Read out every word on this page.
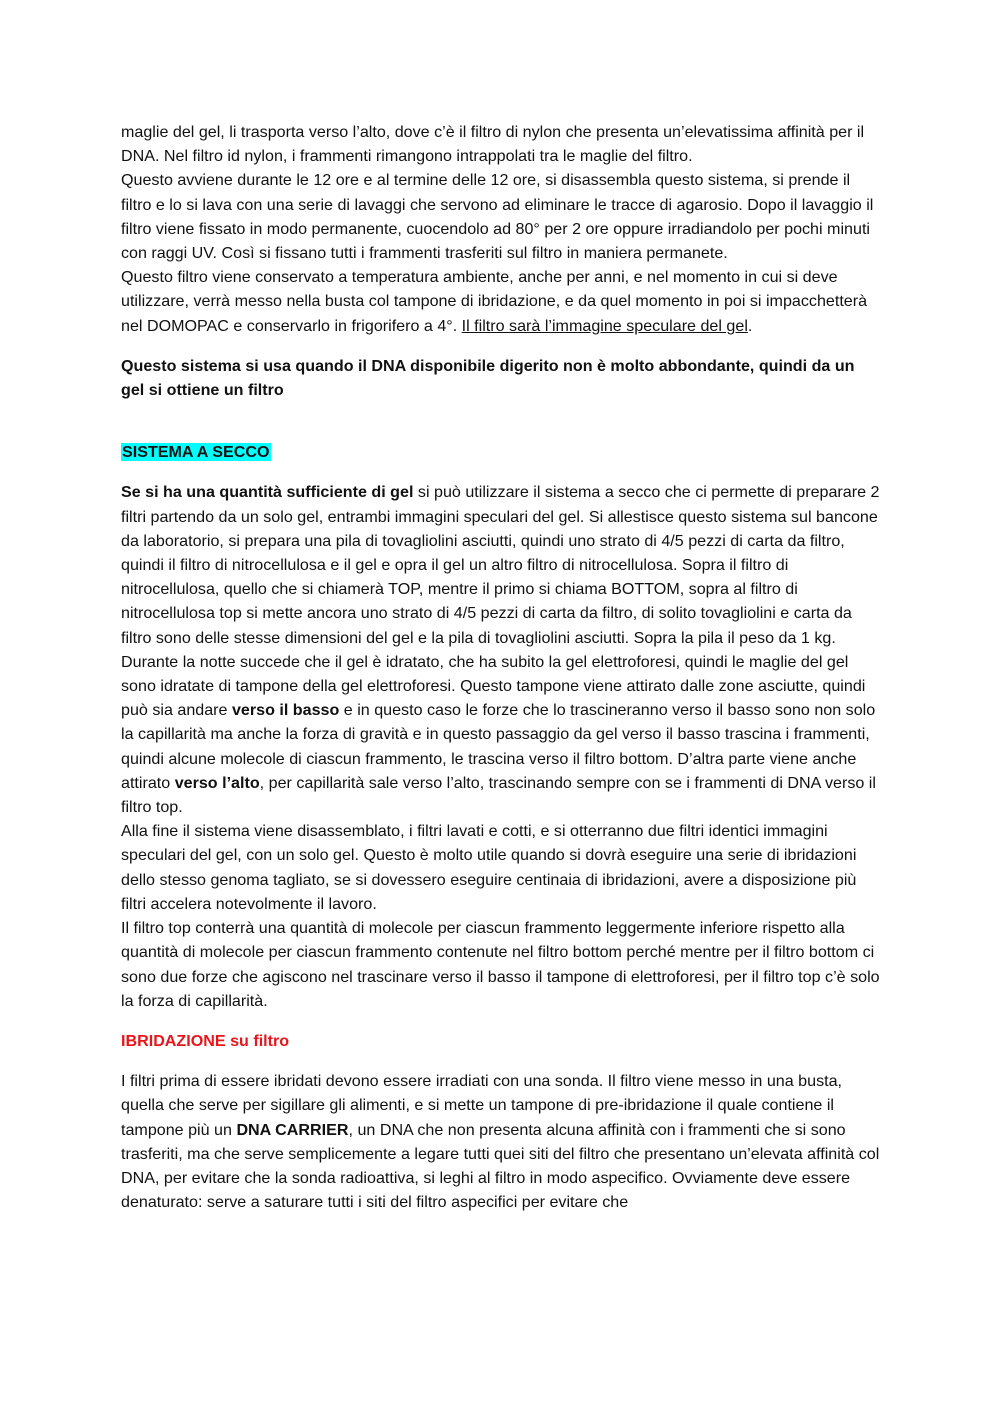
maglie del gel, li trasporta verso l’alto, dove c’è il filtro di nylon che presenta un’elevatissima affinità per il DNA. Nel filtro id nylon, i frammenti rimangono intrappolati tra le maglie del filtro.

Questo avviene durante le 12 ore e al termine delle 12 ore, si disassembla questo sistema, si prende il filtro e lo si lava con una serie di lavaggi che servono ad eliminare le tracce di agarosio. Dopo il lavaggio il filtro viene fissato in modo permanente, cuocendolo ad 80° per 2 ore oppure irradiandolo per pochi minuti con raggi UV. Così si fissano tutti i frammenti trasferiti sul filtro in maniera permanete.

Questo filtro viene conservato a temperatura ambiente, anche per anni, e nel momento in cui si deve utilizzare, verrà messo nella busta col tampone di ibridazione, e da quel momento in poi si impacchetterà nel DOMOPAC e conservarlo in frigorifero a 4°. Il filtro sarà l’immagine speculare del gel.

Questo sistema si usa quando il DNA disponibile digerito non è molto abbondante, quindi da un gel si ottiene un filtro

SISTEMA A SECCO

Se si ha una quantità sufficiente di gel si può utilizzare il sistema a secco che ci permette di preparare 2 filtri partendo da un solo gel, entrambi immagini speculari del gel. Si allestisce questo sistema sul bancone da laboratorio, si prepara una pila di tovagliolini asciutti, quindi uno strato di 4/5 pezzi di carta da filtro, quindi il filtro di nitrocellulosa e il gel e opra il gel un altro filtro di nitrocellulosa. Sopra il filtro di nitrocellulosa, quello che si chiamerà TOP, mentre il primo si chiama BOTTOM, sopra al filtro di nitrocellulosa top si mette ancora uno strato di 4/5 pezzi di carta da filtro, di solito tovagliolini e carta da filtro sono delle stesse dimensioni del gel e la pila di tovagliolini asciutti. Sopra la pila il peso da 1 kg.

Durante la notte succede che il gel è idratato, che ha subito la gel elettroforesi, quindi le maglie del gel sono idratate di tampone della gel elettroforesi. Questo tampone viene attirato dalle zone asciutte, quindi può sia andare verso il basso e in questo caso le forze che lo trascineranno verso il basso sono non solo la capillarità ma anche la forza di gravità e in questo passaggio da gel verso il basso trascina i frammenti, quindi alcune molecole di ciascun frammento, le trascina verso il filtro bottom. D’altra parte viene anche attirato verso l’alto, per capillarità sale verso l’alto, trascinando sempre con se i frammenti di DNA verso il filtro top.

Alla fine il sistema viene disassemblato, i filtri lavati e cotti, e si otterranno due filtri identici immagini speculari del gel, con un solo gel. Questo è molto utile quando si dovrà eseguire una serie di ibridazioni dello stesso genoma tagliato, se si dovessero eseguire centinaia di ibridazioni, avere a disposizione più filtri accelera notevolmente il lavoro.

Il filtro top conterrà una quantità di molecole per ciascun frammento leggermente inferiore rispetto alla quantità di molecole per ciascun frammento contenute nel filtro bottom perché mentre per il filtro bottom ci sono due forze che agiscono nel trascinare verso il basso il tampone di elettroforesi, per il filtro top c’è solo la forza di capillarità.

IBRIDAZIONE su filtro

I filtri prima di essere ibridati devono essere irradiati con una sonda. Il filtro viene messo in una busta, quella che serve per sigillare gli alimenti, e si mette un tampone di pre-ibridazione il quale contiene il tampone più un DNA CARRIER, un DNA che non presenta alcuna affinità con i frammenti che si sono trasferiti, ma che serve semplicemente a legare tutti quei siti del filtro che presentano un’elevata affinità col DNA, per evitare che la sonda radioattiva, si leghi al filtro in modo aspecifico. Ovviamente deve essere denaturato: serve a saturare tutti i siti del filtro aspecifici per evitare che
